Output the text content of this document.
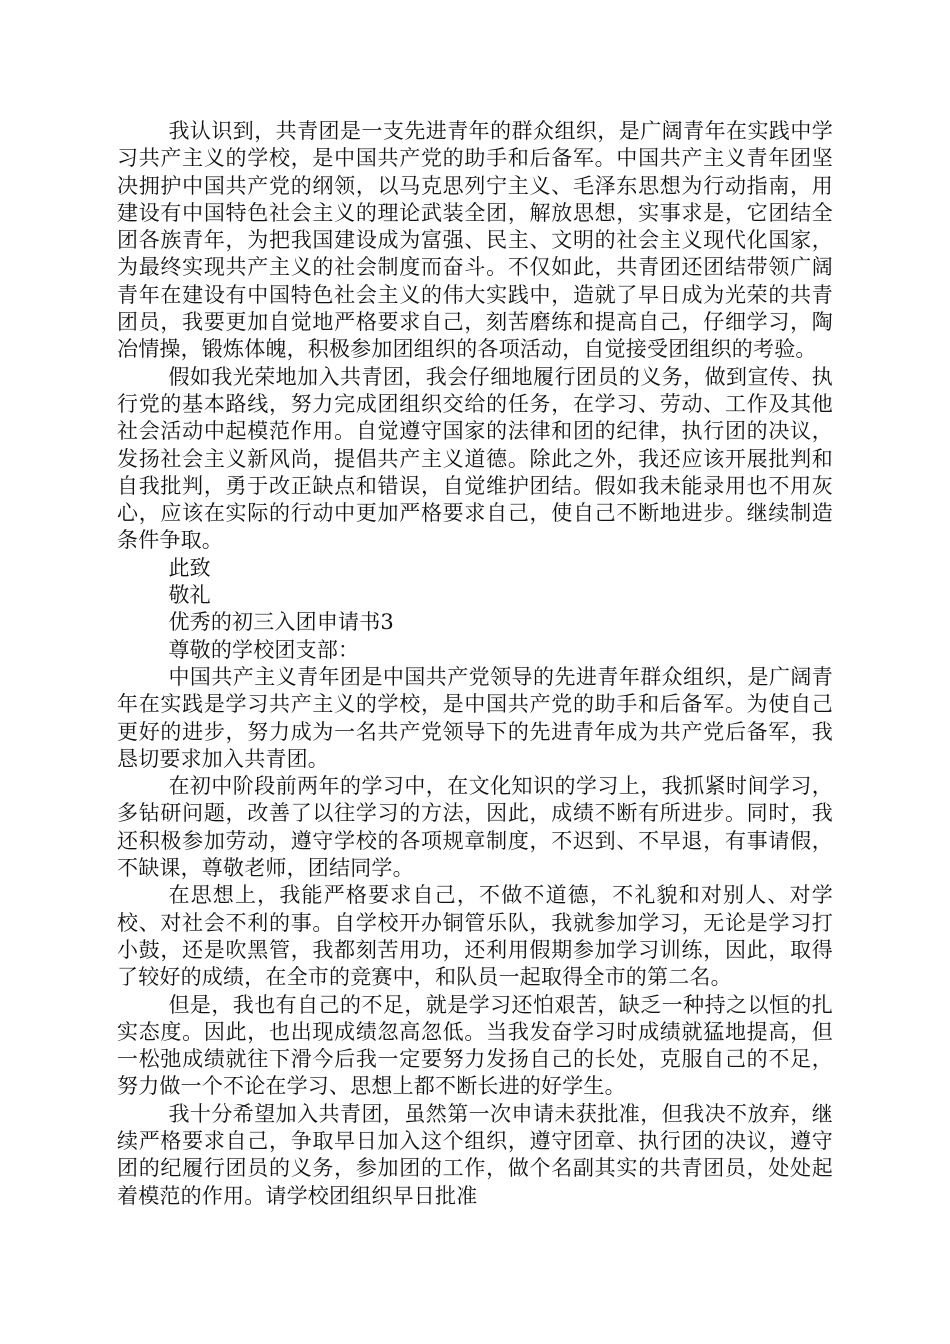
我认识到，共青团是一支先进青年的群众组织，是广阔青年在实践中学习共产主义的学校，是中国共产党的助手和后备军。中国共产主义青年团坚决拥护中国共产党的纲领，以马克思列宁主义、毛泽东思想为行动指南，用建设有中国特色社会主义的理论武装全团，解放思想，实事求是，它团结全团各族青年，为把我国建设成为富强、民主、文明的社会主义现代化国家，为最终实现共产主义的社会制度而奋斗。不仅如此，共青团还团结带领广阔青年在建设有中国特色社会主义的伟大实践中，造就了早日成为光荣的共青团员，我要更加自觉地严格要求自己，刻苦磨练和提高自己，仔细学习，陶冶情操，锻炼体魄，积极参加团组织的各项活动，自觉接受团组织的考验。

假如我光荣地加入共青团，我会仔细地履行团员的义务，做到宣传、执行党的基本路线，努力完成团组织交给的任务，在学习、劳动、工作及其他社会活动中起模范作用。自觉遵守国家的法律和团的纪律，执行团的决议，发扬社会主义新风尚，提倡共产主义道德。除此之外，我还应该开展批判和自我批判，勇于改正缺点和错误，自觉维护团结。假如我未能录用也不用灰心，应该在实际的行动中更加严格要求自己，使自己不断地进步。继续制造条件争取。

此致

敬礼

优秀的初三入团申请书3

尊敬的学校团支部：

中国共产主义青年团是中国共产党领导的先进青年群众组织，是广阔青年在实践是学习共产主义的学校，是中国共产党的助手和后备军。为使自己更好的进步，努力成为一名共产党领导下的先进青年成为共产党后备军，我恳切要求加入共青团。

在初中阶段前两年的学习中，在文化知识的学习上，我抓紧时间学习，多钻研问题，改善了以往学习的方法，因此，成绩不断有所进步。同时，我还积极参加劳动，遵守学校的各项规章制度，不迟到、不早退，有事请假，不缺课，尊敬老师，团结同学。

在思想上，我能严格要求自己，不做不道德，不礼貌和对别人、对学校、对社会不利的事。自学校开办铜管乐队，我就参加学习，无论是学习打小鼓，还是吹黑管，我都刻苦用功，还利用假期参加学习训练，因此，取得了较好的成绩，在全市的竞赛中，和队员一起取得全市的第二名。

但是，我也有自己的不足，就是学习还怕艰苦，缺乏一种持之以恒的扎实态度。因此，也出现成绩忽高忽低。当我发奋学习时成绩就猛地提高，但一松弛成绩就往下滑今后我一定要努力发扬自己的长处，克服自己的不足，努力做一个不论在学习、思想上都不断长进的好学生。

我十分希望加入共青团，虽然第一次申请未获批准，但我决不放弃，继续严格要求自己，争取早日加入这个组织，遵守团章、执行团的决议，遵守团的纪履行团员的义务，参加团的工作，做个名副其实的共青团员，处处起着模范的作用。请学校团组织早日批准
